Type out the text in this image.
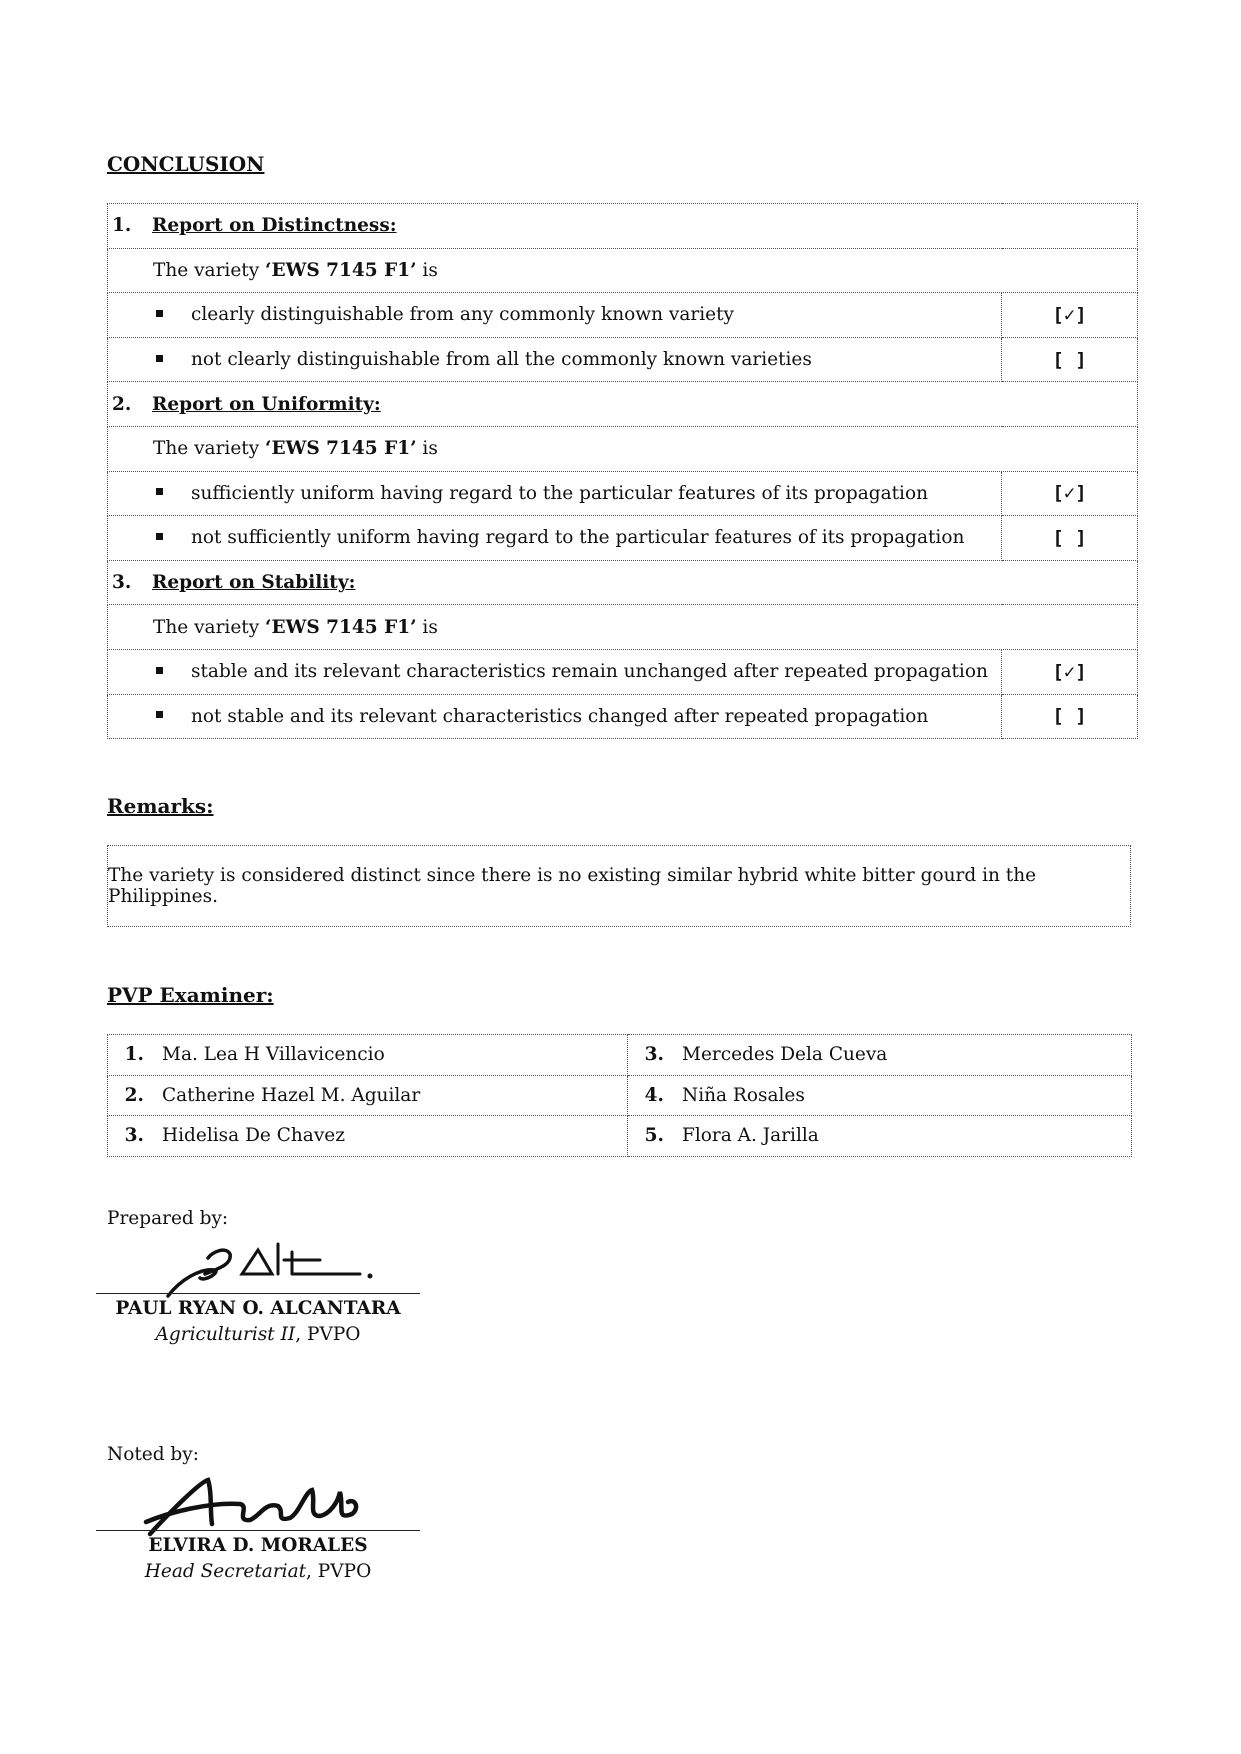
CONCLUSION
1. Report on Distinctness:	
The variety ‘EWS 7145 F1’ is	
clearly distinguishable from any commonly known variety	[✓]
not clearly distinguishable from all the commonly known varieties	[ ]
2. Report on Uniformity:	
The variety ‘EWS 7145 F1’ is	
sufficiently uniform having regard to the particular features of its propagation	[✓]
not sufficiently uniform having regard to the particular features of its propagation	[ ]
3. Report on Stability:	
The variety ‘EWS 7145 F1’ is	
stable and its relevant characteristics remain unchanged after repeated propagation	[✓]
not stable and its relevant characteristics changed after repeated propagation	[ ]
Remarks:
The variety is considered distinct since there is no existing similar hybrid white bitter gourd in the Philippines.
PVP Examiner:
1. Ma. Lea H Villavicencio	3. Mercedes Dela Cueva
2. Catherine Hazel M. Aguilar	4. Niña Rosales
3. Hidelisa De Chavez	5. Flora A. Jarilla
Prepared by:
PAUL RYAN O. ALCANTARA
Agriculturist II, PVPO
Noted by:
ELVIRA D. MORALES
Head Secretariat, PVPO
